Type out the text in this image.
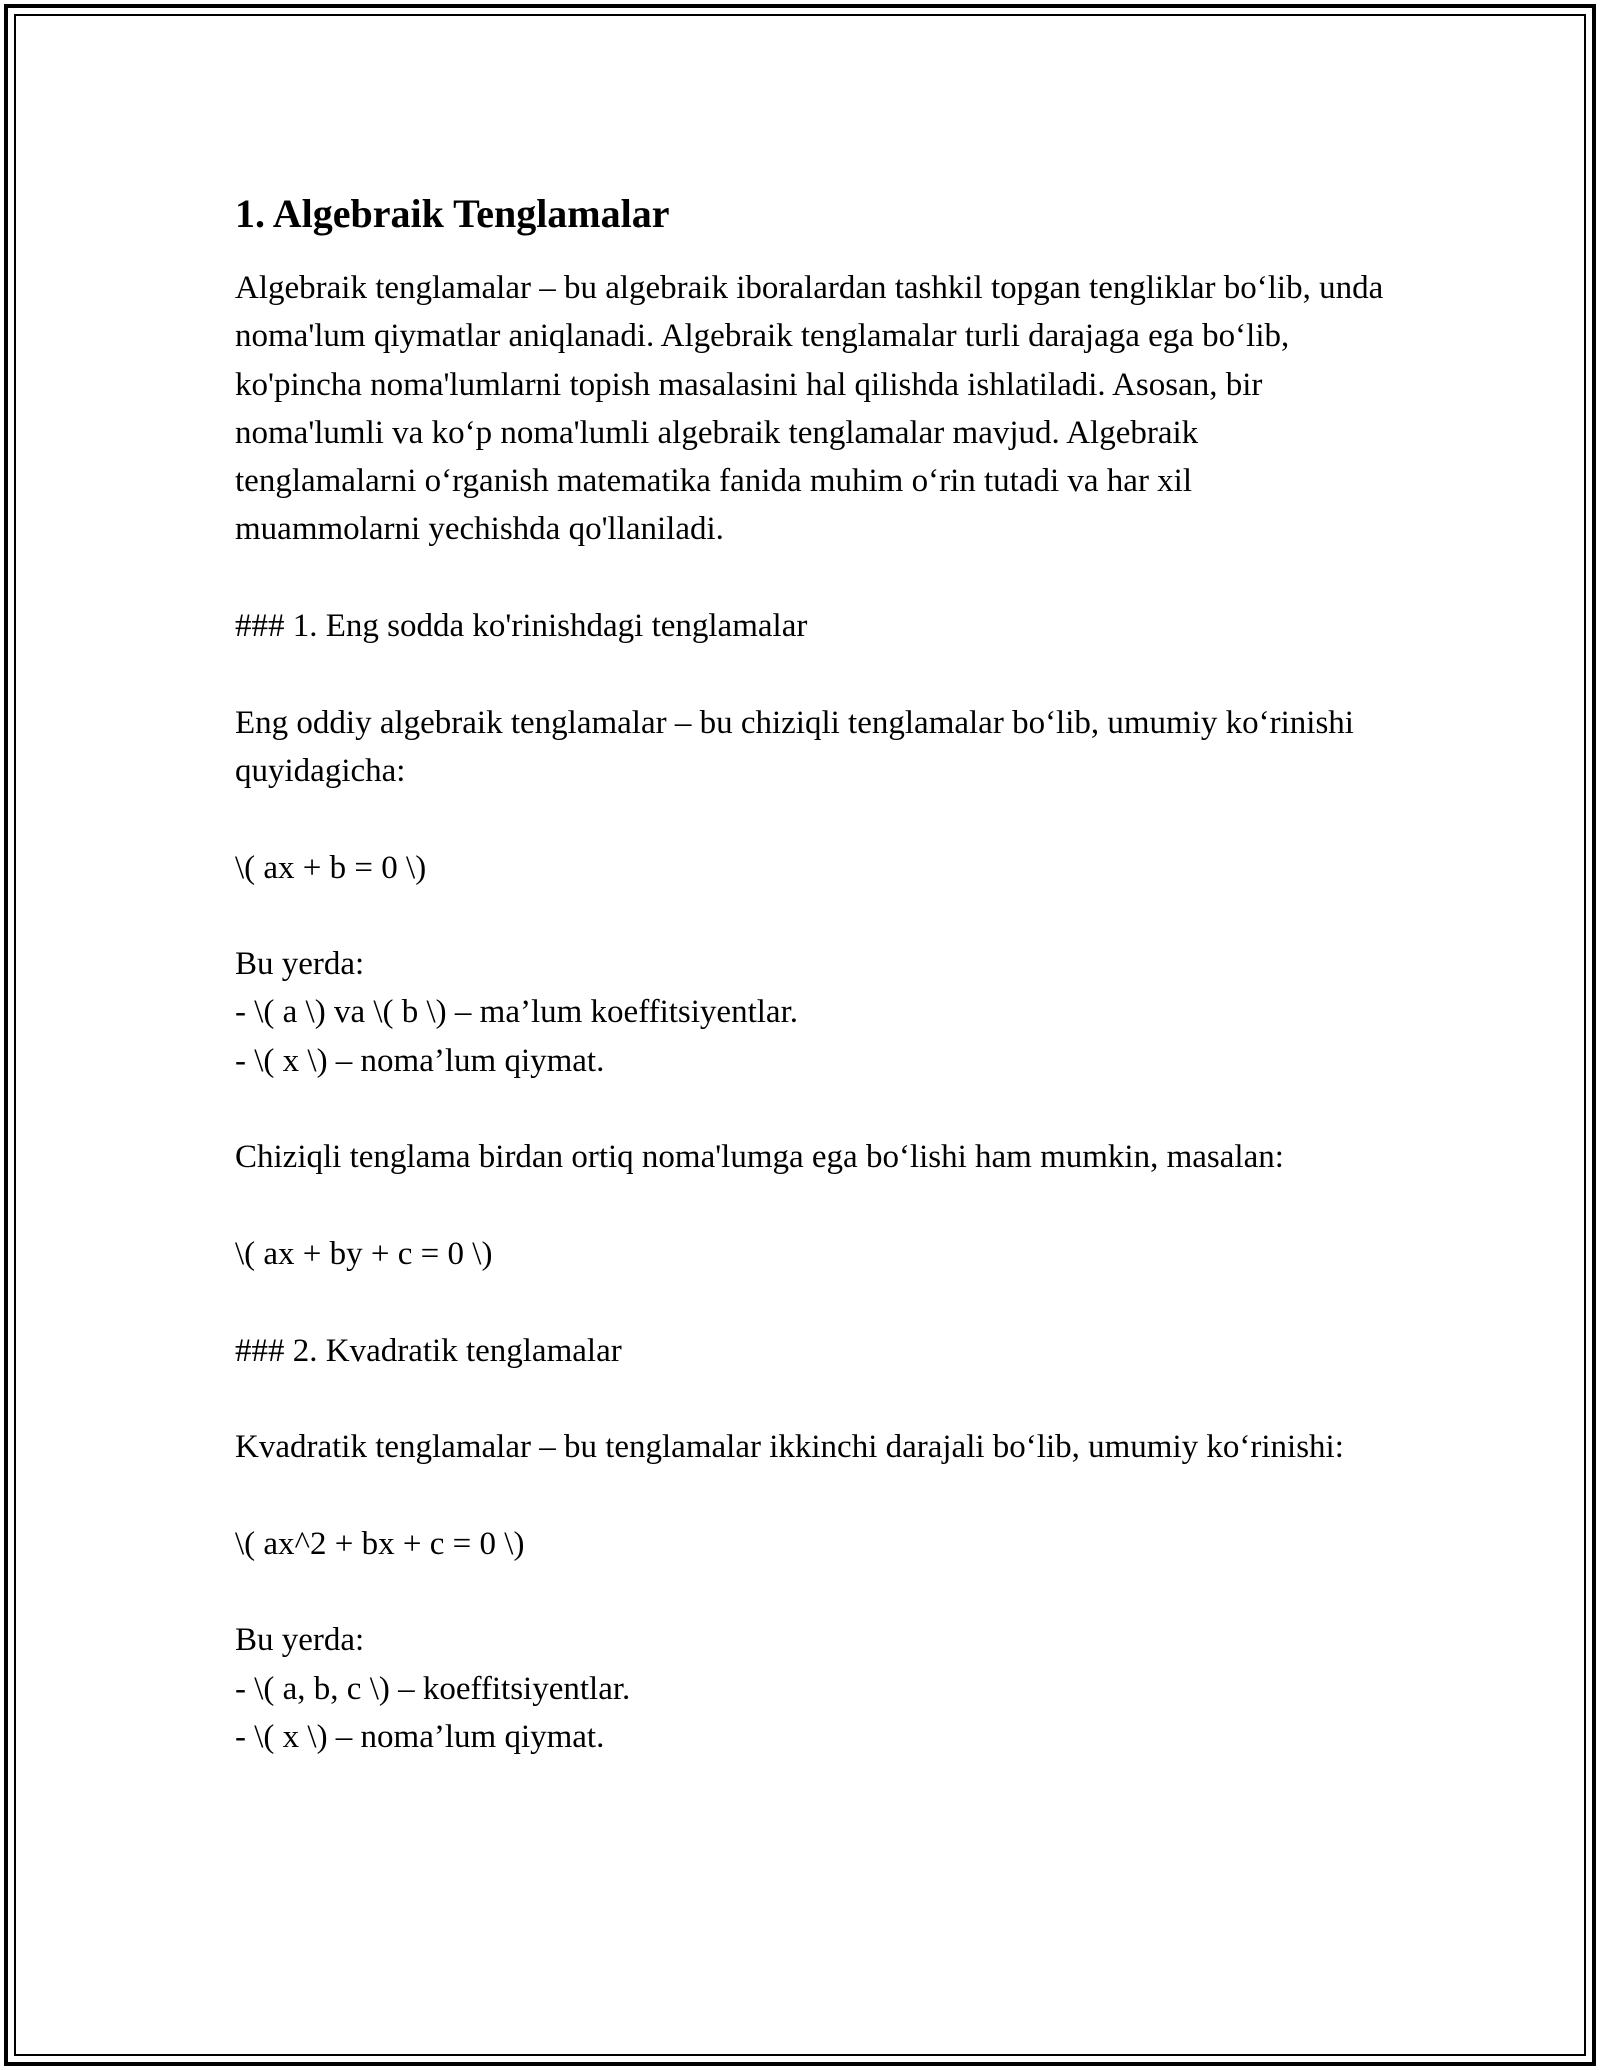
1. Algebraik Tenglamalar

Algebraik tenglamalar – bu algebraik iboralardan tashkil topgan tengliklar bo‘lib, unda noma'lum qiymatlar aniqlanadi. Algebraik tenglamalar turli darajaga ega bo‘lib, ko'pincha noma'lumlarni topish masalasini hal qilishda ishlatiladi. Asosan, bir noma'lumli va ko‘p noma'lumli algebraik tenglamalar mavjud. Algebraik tenglamalarni o‘rganish matematika fanida muhim o‘rin tutadi va har xil muammolarni yechishda qo'llaniladi.

### 1. Eng sodda ko'rinishdagi tenglamalar

Eng oddiy algebraik tenglamalar – bu chiziqli tenglamalar bo‘lib, umumiy ko‘rinishi quyidagicha:

\( ax + b = 0 \)

Bu yerda:

- \( a \) va \( b \) – ma’lum koeffitsiyentlar.

- \( x \) – noma’lum qiymat.

Chiziqli tenglama birdan ortiq noma'lumga ega bo‘lishi ham mumkin, masalan:

\( ax + by + c = 0 \)

### 2. Kvadratik tenglamalar

Kvadratik tenglamalar – bu tenglamalar ikkinchi darajali bo‘lib, umumiy ko‘rinishi:

\( ax^2 + bx + c = 0 \)

Bu yerda:

- \( a, b, c \) – koeffitsiyentlar.

- \( x \) – noma’lum qiymat.
